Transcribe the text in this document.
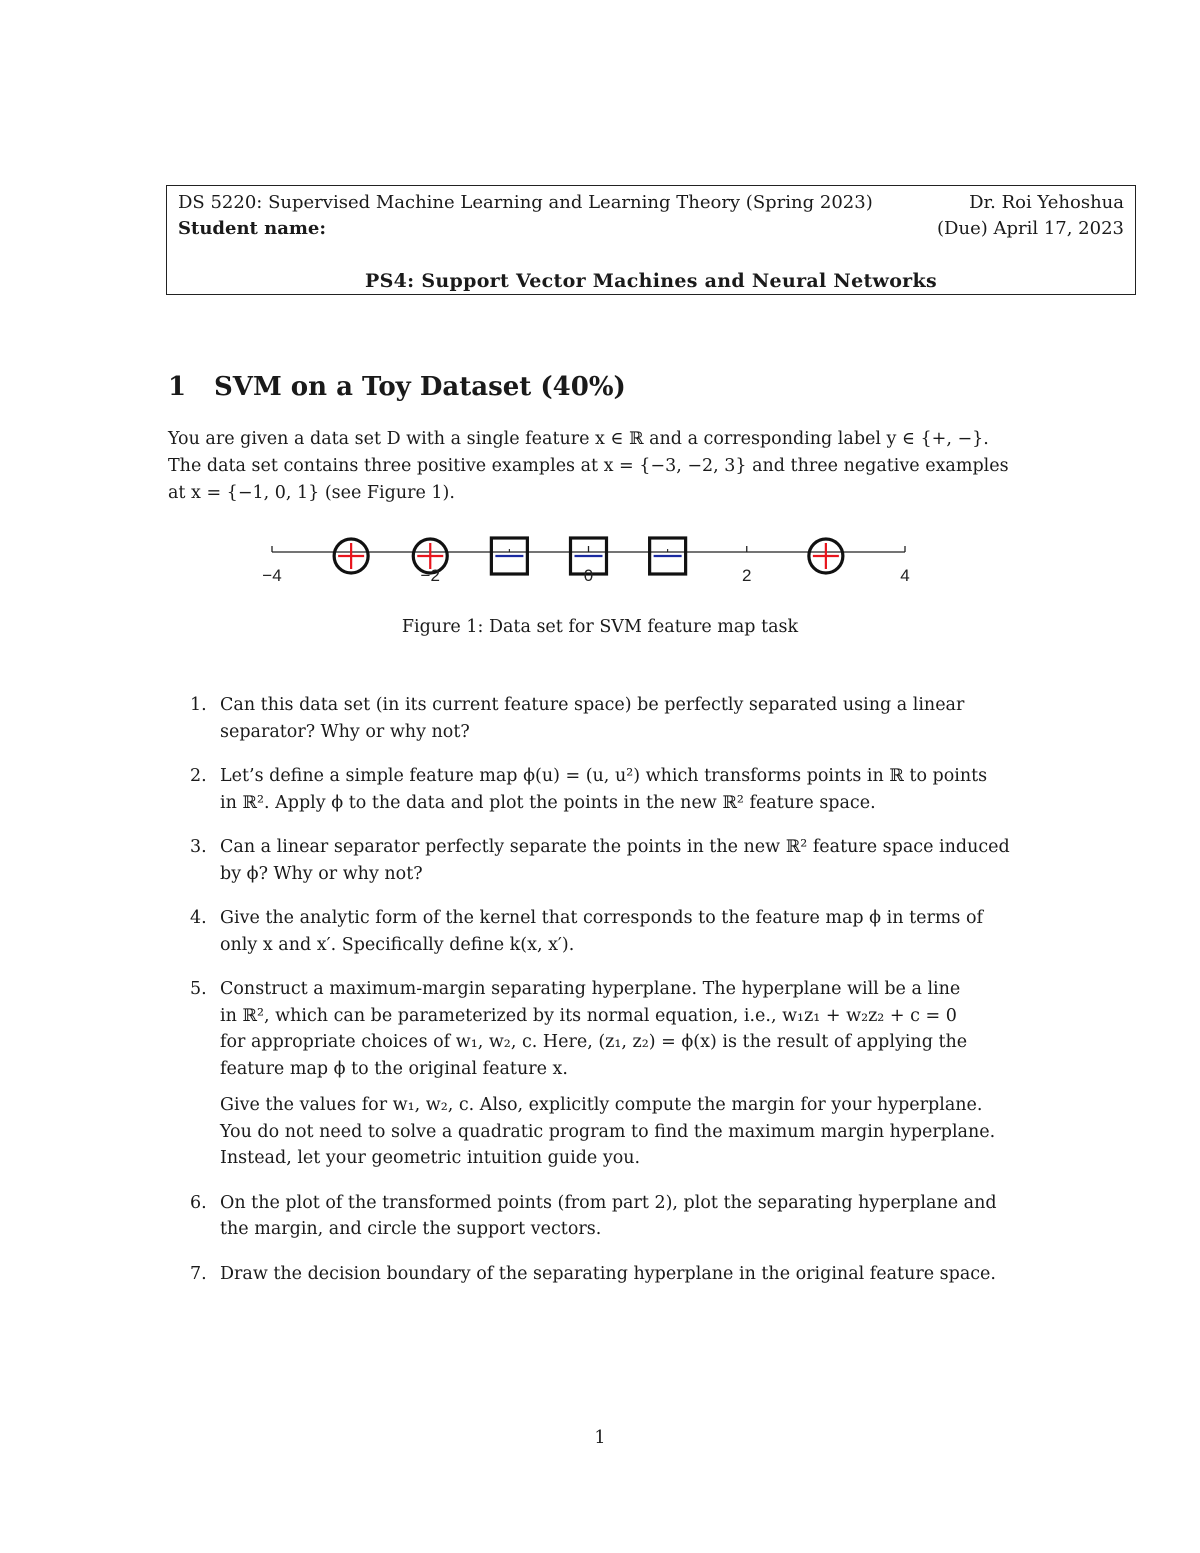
DS 5220: Supervised Machine Learning and Learning Theory (Spring 2023)	Dr. Roi Yehoshua
Student name:	(Due) April 17, 2023
PS4: Support Vector Machines and Neural Networks
1 SVM on a Toy Dataset (40%)

You are given a data set D with a single feature x ∈ ℝ and a corresponding label y ∈ {+, −}.

The data set contains three positive examples at x = {−3, −2, 3} and three negative examples

at x = {−1, 0, 1} (see Figure 1).

−4	−2	0	2	4
Figure 1: Data set for SVM feature map task
1. Can this data set (in its current feature space) be perfectly separated using a linear
separator? Why or why not?
2. Let’s define a simple feature map ϕ(u) = (u, u²) which transforms points in ℝ to points
in ℝ². Apply ϕ to the data and plot the points in the new ℝ² feature space.
3. Can a linear separator perfectly separate the points in the new ℝ² feature space induced
by ϕ? Why or why not?
4. Give the analytic form of the kernel that corresponds to the feature map ϕ in terms of
only x and x′. Specifically define k(x, x′).
5. Construct a maximum-margin separating hyperplane. The hyperplane will be a line
in ℝ², which can be parameterized by its normal equation, i.e., w₁z₁ + w₂z₂ + c = 0
for appropriate choices of w₁, w₂, c. Here, (z₁, z₂) = ϕ(x) is the result of applying the
feature map ϕ to the original feature x.
Give the values for w₁, w₂, c. Also, explicitly compute the margin for your hyperplane.
You do not need to solve a quadratic program to find the maximum margin hyperplane.
Instead, let your geometric intuition guide you.
6. On the plot of the transformed points (from part 2), plot the separating hyperplane and
the margin, and circle the support vectors.
7. Draw the decision boundary of the separating hyperplane in the original feature space.
1
